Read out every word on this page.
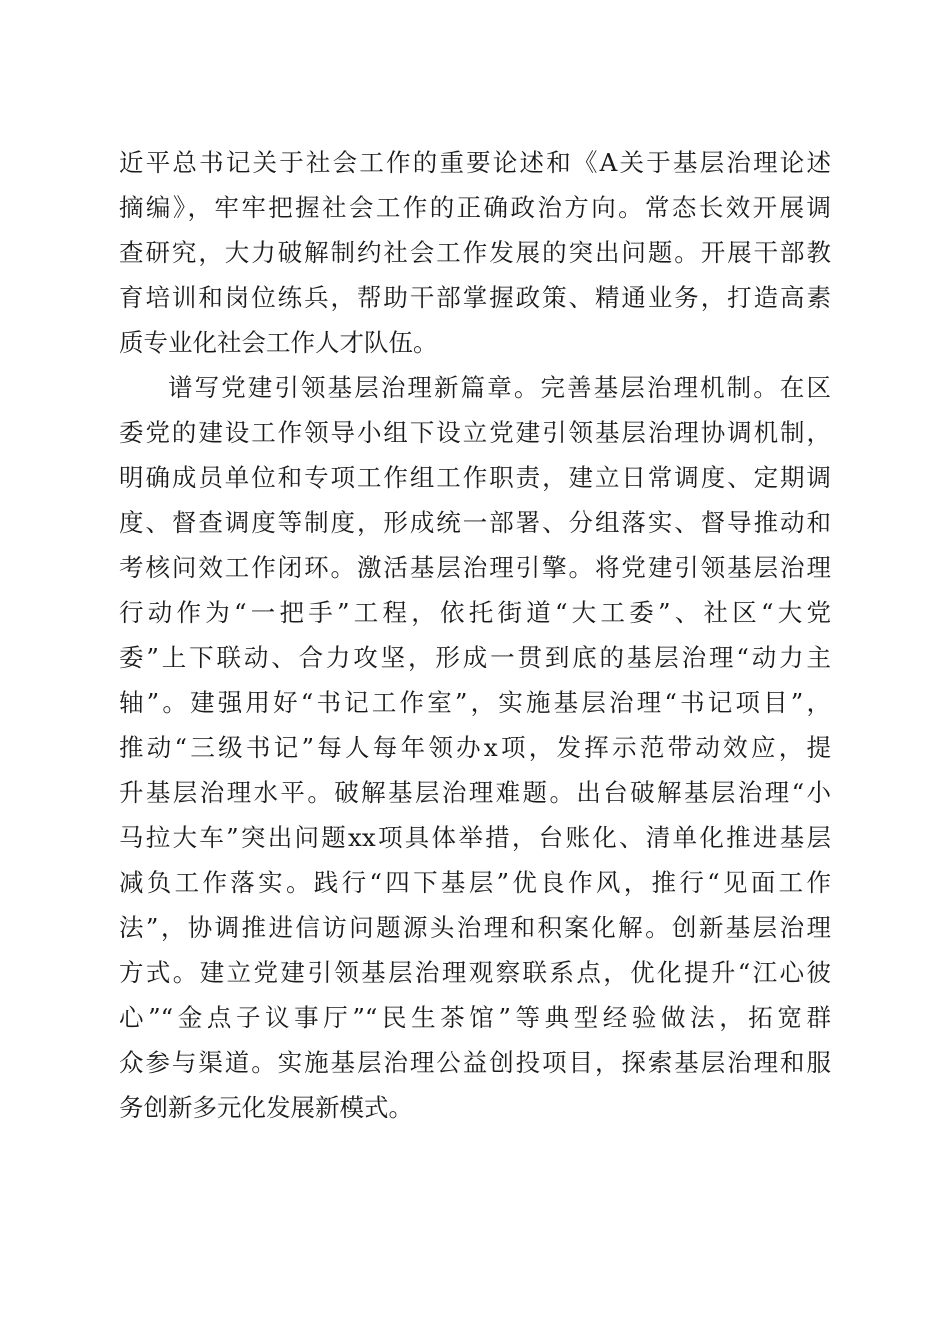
近平总书记关于社会工作的重要论述和《A关于基层治理论述
摘编》，牢牢把握社会工作的正确政治方向。常态长效开展调
查研究，大力破解制约社会工作发展的突出问题。开展干部教
育培训和岗位练兵，帮助干部掌握政策、精通业务，打造高素
质专业化社会工作人才队伍。
谱写党建引领基层治理新篇章。完善基层治理机制。在区
委党的建设工作领导小组下设立党建引领基层治理协调机制，
明确成员单位和专项工作组工作职责，建立日常调度、定期调
度、督查调度等制度，形成统一部署、分组落实、督导推动和
考核问效工作闭环。激活基层治理引擎。将党建引领基层治理
行动作为“一把手”工程，依托街道“大工委”、社区“大党
委”上下联动、合力攻坚，形成一贯到底的基层治理“动力主
轴”。建强用好“书记工作室”，实施基层治理“书记项目”，
推动“三级书记”每人每年领办x项，发挥示范带动效应，提
升基层治理水平。破解基层治理难题。出台破解基层治理“小
马拉大车”突出问题xx项具体举措，台账化、清单化推进基层
减负工作落实。践行“四下基层”优良作风，推行“见面工作
法”，协调推进信访问题源头治理和积案化解。创新基层治理
方式。建立党建引领基层治理观察联系点，优化提升“江心彼
心”“金点子议事厅”“民生茶馆”等典型经验做法，拓宽群
众参与渠道。实施基层治理公益创投项目，探索基层治理和服
务创新多元化发展新模式。
